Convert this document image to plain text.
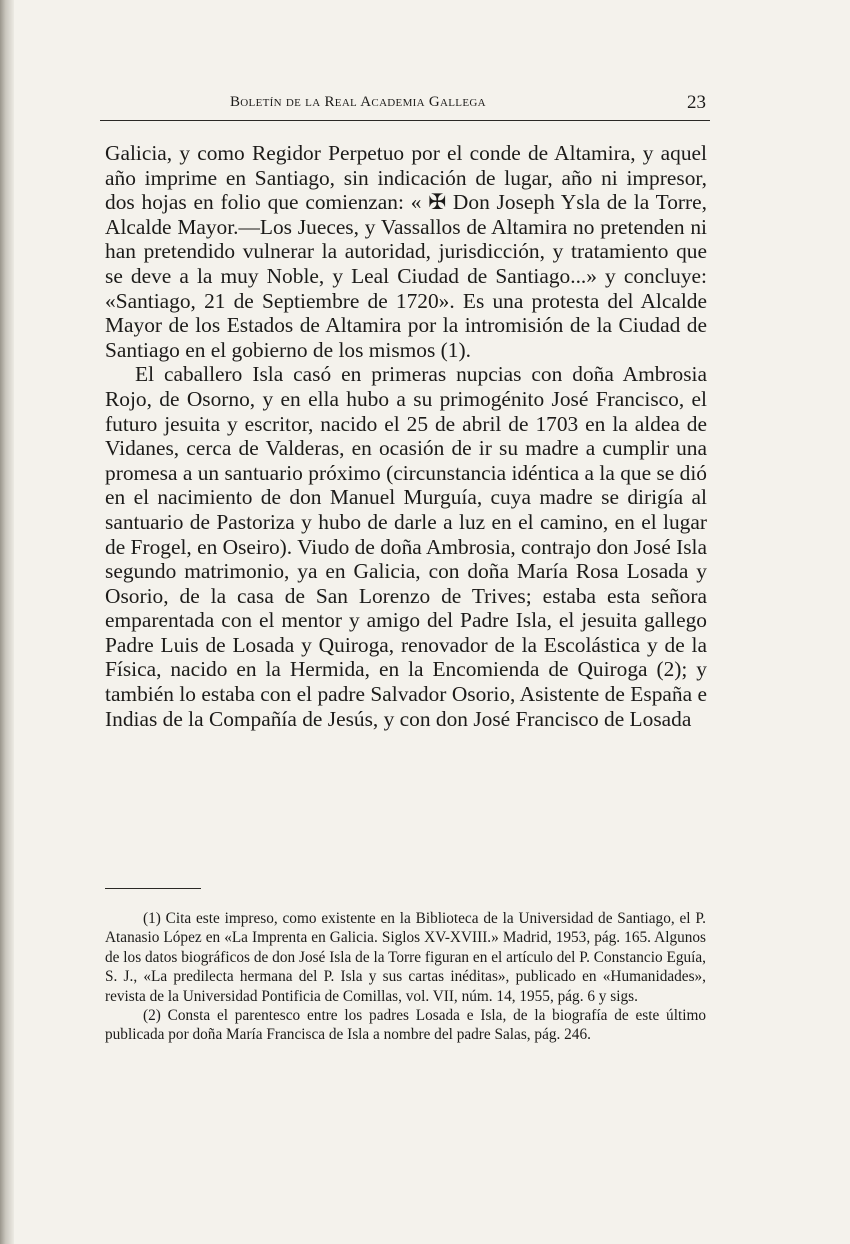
Boletín de la Real Academia Gallega	23

Galicia, y como Regidor Perpetuo por el conde de Altamira, y aquel año imprime en Santiago, sin indicación de lugar, año ni impresor, dos hojas en folio que comienzan: « ✠ Don Joseph Ysla de la Torre, Alcalde Mayor.—Los Jueces, y Vassallos de Altamira no pretenden ni han pretendido vulnerar la autoridad, jurisdicción, y tratamiento que se deve a la muy Noble, y Leal Ciudad de Santiago...» y concluye: «Santiago, 21 de Septiembre de 1720». Es una protesta del Alcalde Mayor de los Estados de Altamira por la intromisión de la Ciudad de Santiago en el gobierno de los mismos (1).

El caballero Isla casó en primeras nupcias con doña Ambrosia Rojo, de Osorno, y en ella hubo a su primogénito José Francisco, el futuro jesuita y escritor, nacido el 25 de abril de 1703 en la aldea de Vidanes, cerca de Valderas, en ocasión de ir su madre a cumplir una promesa a un santuario próximo (circunstancia idéntica a la que se dió en el nacimiento de don Manuel Murguía, cuya madre se dirigía al santuario de Pastoriza y hubo de darle a luz en el camino, en el lugar de Frogel, en Oseiro). Viudo de doña Ambrosia, contrajo don José Isla segundo matrimonio, ya en Galicia, con doña María Rosa Losada y Osorio, de la casa de San Lorenzo de Trives; estaba esta señora emparentada con el mentor y amigo del Padre Isla, el jesuita gallego Padre Luis de Losada y Quiroga, renovador de la Escolástica y de la Física, nacido en la Hermida, en la Encomienda de Quiroga (2); y también lo estaba con el padre Salvador Osorio, Asistente de España e Indias de la Compañía de Jesús, y con don José Francisco de Losada

(1) Cita este impreso, como existente en la Biblioteca de la Universidad de Santiago, el P. Atanasio López en «La Imprenta en Galicia. Siglos XV-XVIII.» Madrid, 1953, pág. 165. Algunos de los datos biográficos de don José Isla de la Torre figuran en el artículo del P. Constancio Eguía, S. J., «La predilecta hermana del P. Isla y sus cartas inéditas», publicado en «Humanidades», revista de la Universidad Pontificia de Comillas, vol. VII, núm. 14, 1955, pág. 6 y sigs.

(2) Consta el parentesco entre los padres Losada e Isla, de la biografía de este último publicada por doña María Francisca de Isla a nombre del padre Salas, pág. 246.
